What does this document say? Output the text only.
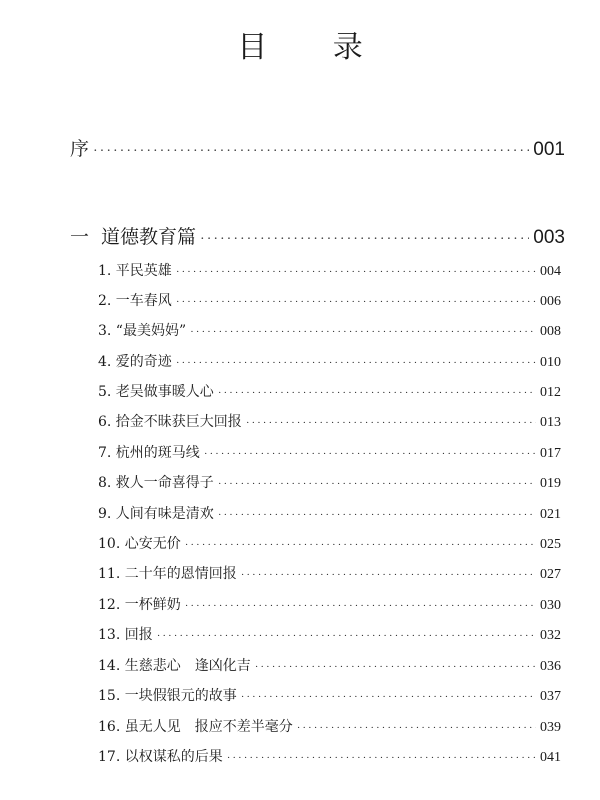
目 录
序 ·····	001
一 道德教育篇 ·····	003
1. 平民英雄 ·····	004
2. 一车春风 ·····	006
3. “最美妈妈” ·····	008
4. 爱的奇迹 ·····	010
5. 老吴做事暖人心 ·····	012
6. 拾金不昧获巨大回报 ·····	013
7. 杭州的斑马线 ·····	017
8. 救人一命喜得子 ·····	019
9. 人间有味是清欢 ·····	021
10. 心安无价 ·····	025
11. 二十年的恩情回报 ·····	027
12. 一杯鲜奶 ·····	030
13. 回报 ·····	032
14. 生慈悲心　逢凶化吉 ·····	036
15. 一块假银元的故事 ·····	037
16. 虽无人见　报应不差半毫分 ·····	039
17. 以权谋私的后果 ·····	041
